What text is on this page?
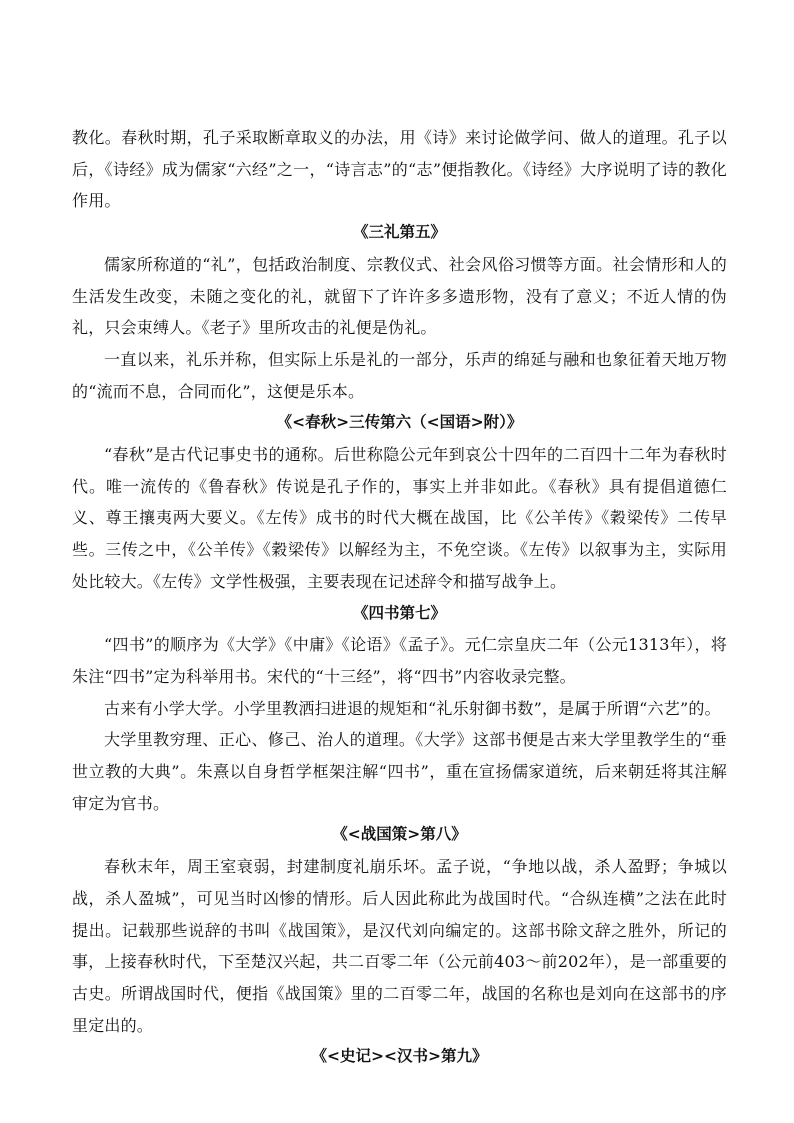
教化。春秋时期，孔子采取断章取义的办法，用《诗》来讨论做学问、做人的道理。孔子以后，《诗经》成为儒家“六经”之一，“诗言志”的“志”便指教化。《诗经》大序说明了诗的教化作用。

《三礼第五》

儒家所称道的“礼”，包括政治制度、宗教仪式、社会风俗习惯等方面。社会情形和人的生活发生改变，未随之变化的礼，就留下了许许多多遗形物，没有了意义；不近人情的伪礼，只会束缚人。《老子》里所攻击的礼便是伪礼。

一直以来，礼乐并称，但实际上乐是礼的一部分，乐声的绵延与融和也象征着天地万物的“流而不息，合同而化”，这便是乐本。

《<春秋>三传第六（<国语>附）》

“春秋”是古代记事史书的通称。后世称隐公元年到哀公十四年的二百四十二年为春秋时代。唯一流传的《鲁春秋》传说是孔子作的，事实上并非如此。《春秋》具有提倡道德仁义、尊王攘夷两大要义。《左传》成书的时代大概在战国，比《公羊传》《穀梁传》二传早些。三传之中，《公羊传》《穀梁传》以解经为主，不免空谈。《左传》以叙事为主，实际用处比较大。《左传》文学性极强，主要表现在记述辞令和描写战争上。

《四书第七》

“四书”的顺序为《大学》《中庸》《论语》《孟子》。元仁宗皇庆二年（公元1313年），将朱注“四书”定为科举用书。宋代的“十三经”，将“四书”内容收录完整。

古来有小学大学。小学里教洒扫进退的规矩和“礼乐射御书数”，是属于所谓“六艺”的。

大学里教穷理、正心、修己、治人的道理。《大学》这部书便是古来大学里教学生的“垂世立教的大典”。朱熹以自身哲学框架注解“四书”，重在宣扬儒家道统，后来朝廷将其注解审定为官书。

《<战国策>第八》

春秋末年，周王室衰弱，封建制度礼崩乐坏。孟子说，“争地以战，杀人盈野；争城以战，杀人盈城”，可见当时凶惨的情形。后人因此称此为战国时代。“合纵连横”之法在此时提出。记载那些说辞的书叫《战国策》，是汉代刘向编定的。这部书除文辞之胜外，所记的事，上接春秋时代，下至楚汉兴起，共二百零二年（公元前403～前202年），是一部重要的古史。所谓战国时代，便指《战国策》里的二百零二年，战国的名称也是刘向在这部书的序里定出的。

《<史记><汉书>第九》
